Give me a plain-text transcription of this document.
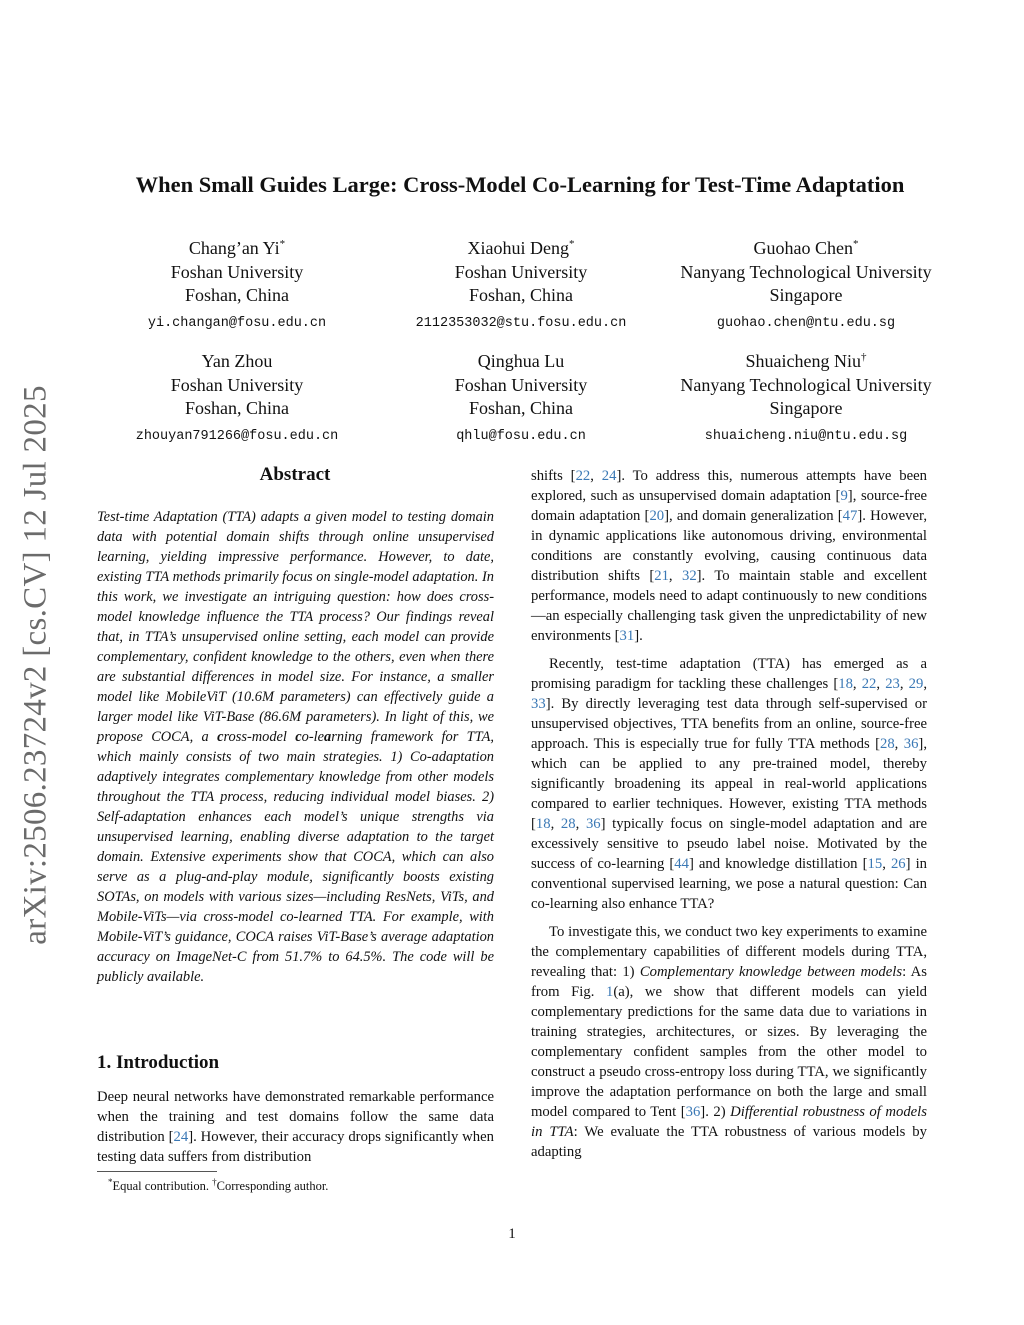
arXiv:2506.23724v2 [cs.CV] 12 Jul 2025
When Small Guides Large: Cross-Model Co-Learning for Test-Time Adaptation
Chang’an Yi*
Foshan University
Foshan, China
yi.changan@fosu.edu.cn
Xiaohui Deng*
Foshan University
Foshan, China
2112353032@stu.fosu.edu.cn
Guohao Chen*
Nanyang Technological University
Singapore
guohao.chen@ntu.edu.sg
Yan Zhou
Foshan University
Foshan, China
zhouyan791266@fosu.edu.cn
Qinghua Lu
Foshan University
Foshan, China
qhlu@fosu.edu.cn
Shuaicheng Niu†
Nanyang Technological University
Singapore
shuaicheng.niu@ntu.edu.sg
Abstract
Test-time Adaptation (TTA) adapts a given model to testing domain data with potential domain shifts through online unsupervised learning, yielding impressive performance. However, to date, existing TTA methods primarily focus on single-model adaptation. In this work, we investigate an intriguing question: how does cross-model knowledge influence the TTA process? Our findings reveal that, in TTA’s unsupervised online setting, each model can provide complementary, confident knowledge to the others, even when there are substantial differences in model size. For instance, a smaller model like MobileViT (10.6M parameters) can effectively guide a larger model like ViT-Base (86.6M parameters). In light of this, we propose COCA, a cross-model co-learning framework for TTA, which mainly consists of two main strategies. 1) Co-adaptation adaptively integrates complementary knowledge from other models throughout the TTA process, reducing individual model biases. 2) Self-adaptation enhances each model’s unique strengths via unsupervised learning, enabling diverse adaptation to the target domain. Extensive experiments show that COCA, which can also serve as a plug-and-play module, significantly boosts existing SOTAs, on models with various sizes—including ResNets, ViTs, and Mobile-ViTs—via cross-model co-learned TTA. For example, with Mobile-ViT’s guidance, COCA raises ViT-Base’s average adaptation accuracy on ImageNet-C from 51.7% to 64.5%. The code will be publicly available.
1. Introduction
Deep neural networks have demonstrated remarkable performance when the training and test domains follow the same data distribution [24]. However, their accuracy drops significantly when testing data suffers from distribution

shifts [22, 24]. To address this, numerous attempts have been explored, such as unsupervised domain adaptation [9], source-free domain adaptation [20], and domain generalization [47]. However, in dynamic applications like autonomous driving, environmental conditions are constantly evolving, causing continuous data distribution shifts [21, 32]. To maintain stable and excellent performance, models need to adapt continuously to new conditions—an especially challenging task given the unpredictability of new environments [31].

Recently, test-time adaptation (TTA) has emerged as a promising paradigm for tackling these challenges [18, 22, 23, 29, 33]. By directly leveraging test data through self-supervised or unsupervised objectives, TTA benefits from an online, source-free approach. This is especially true for fully TTA methods [28, 36], which can be applied to any pre-trained model, thereby significantly broadening its appeal in real-world applications compared to earlier techniques. However, existing TTA methods [18, 28, 36] typically focus on single-model adaptation and are excessively sensitive to pseudo label noise. Motivated by the success of co-learning [44] and knowledge distillation [15, 26] in conventional supervised learning, we pose a natural question: Can co-learning also enhance TTA?

To investigate this, we conduct two key experiments to examine the complementary capabilities of different models during TTA, revealing that: 1) Complementary knowledge between models: As from Fig. 1(a), we show that different models can yield complementary predictions for the same data due to variations in training strategies, architectures, or sizes. By leveraging the complementary confident samples from the other model to construct a pseudo cross-entropy loss during TTA, we significantly improve the adaptation performance on both the large and small model compared to Tent [36]. 2) Differential robustness of models in TTA: We evaluate the TTA robustness of various models by adapting

*Equal contribution. †Corresponding author.
1
